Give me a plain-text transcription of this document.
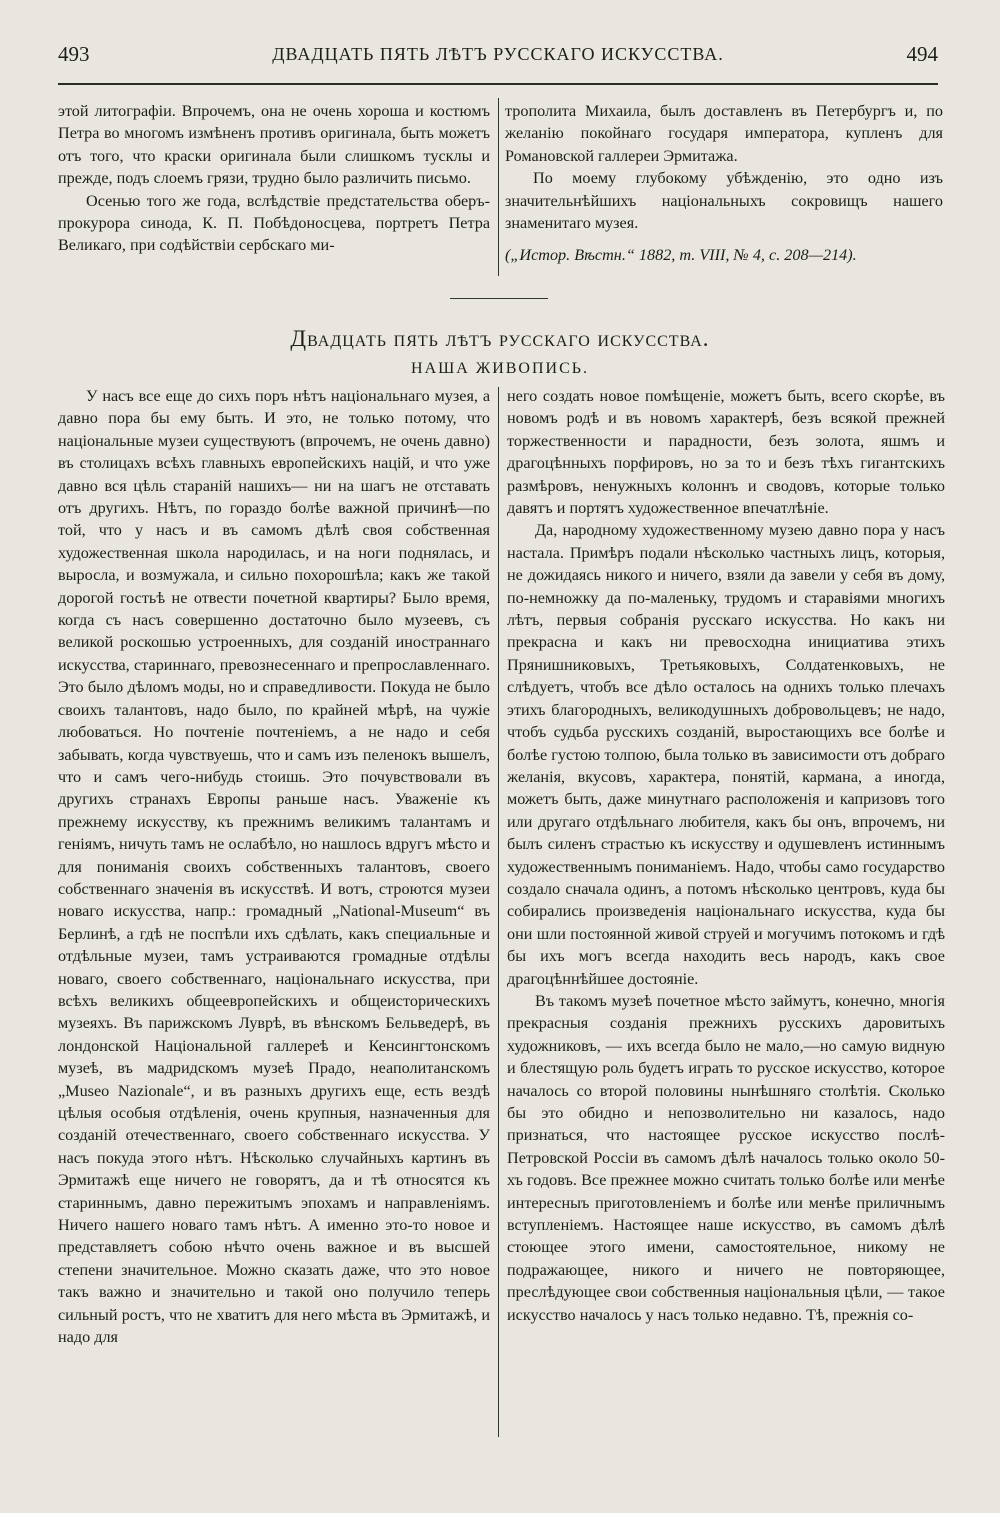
493	ДВАДЦАТЬ ПЯТЬ ЛѢТЪ РУССКАГО ИСКУССТВА.	494

этой литографіи. Впрочемъ, она не очень хороша и костюмъ Петра во многомъ измѣненъ противъ оригинала, быть можетъ отъ того, что краски оригинала были слишкомъ тусклы и прежде, подъ слоемъ грязи, трудно было различить письмо.

Осенью того же года, вслѣдствіе предстательства оберъ-прокурора синода, К. П. Побѣдоносцева, портретъ Петра Великаго, при содѣйствіи сербскаго ми-

трополита Михаила, былъ доставленъ въ Петербургъ и, по желанію покойнаго государя императора, купленъ для Романовской галлереи Эрмитажа.

По моему глубокому убѣжденію, это одно изъ значительнѣйшихъ національныхъ сокровищъ нашего знаменитаго музея.

(„Истор. Вѣстн.“ 1882, т. VIII, № 4, с. 208—214).

Двадцать пять лѣтъ русскаго искусства.
НАША ЖИВОПИСЬ.

У насъ все еще до сихъ поръ нѣтъ національнаго музея, а давно пора бы ему быть. И это, не только потому, что національные музеи существуютъ (впрочемъ, не очень давно) въ столицахъ всѣхъ главныхъ европейскихъ націй, и что уже давно вся цѣль стараній нашихъ— ни на шагъ не отставать отъ другихъ. Нѣтъ, по гораздо болѣе важной причинѣ—по той, что у насъ и въ самомъ дѣлѣ своя собственная художественная школа народилась, и на ноги поднялась, и выросла, и возмужала, и сильно похорошѣла; какъ же такой дорогой гостьѣ не отвести почетной квартиры? Было время, когда съ насъ совершенно достаточно было музеевъ, съ великой роскошью устроенныхъ, для созданій иностраннаго искусства, стариннаго, превознесеннаго и препрославленнаго. Это было дѣломъ моды, но и справедливости. Покуда не было своихъ талантовъ, надо было, по крайней мѣрѣ, на чужіе любоваться. Но почтеніе почтеніемъ, а не надо и себя забывать, когда чувствуешь, что и самъ изъ пеленокъ вышелъ, что и самъ чего-нибудь стоишь. Это почувствовали въ другихъ странахъ Европы раньше насъ. Уваженіе къ прежнему искусству, къ прежнимъ великимъ талантамъ и геніямъ, ничуть тамъ не ослабѣло, но нашлось вдругъ мѣсто и для пониманія своихъ собственныхъ талантовъ, своего собственнаго значенія въ искусствѣ. И вотъ, строются музеи новаго искусства, напр.: громадный „National-Museum“ въ Берлинѣ, а гдѣ не поспѣли ихъ сдѣлать, какъ специальные и отдѣльные музеи, тамъ устраиваются громадные отдѣлы новаго, своего собственнаго, національнаго искусства, при всѣхъ великихъ общеевропейскихъ и общеисторическихъ музеяхъ. Въ парижскомъ Луврѣ, въ вѣнскомъ Бельведерѣ, въ лондонской Національной галлереѣ и Кенсингтонскомъ музеѣ, въ мадридскомъ музеѣ Прадо, неаполитанскомъ „Museo Nazionale“, и въ разныхъ другихъ еще, есть вездѣ цѣлыя особыя отдѣленія, очень крупныя, назначенныя для созданій отечественнаго, своего собственнаго искусства. У насъ покуда этого нѣтъ. Нѣсколько случайныхъ картинъ въ Эрмитажѣ еще ничего не говорятъ, да и тѣ относятся къ стариннымъ, давно пережитымъ эпохамъ и направленіямъ. Ничего нашего новаго тамъ нѣтъ. А именно это-то новое и представляетъ собою нѣчто очень важное и въ высшей степени значительное. Можно сказать даже, что это новое такъ важно и значительно и такой оно получило теперь сильный ростъ, что не хватитъ для него мѣста въ Эрмитажѣ, и надо для

него создать новое помѣщеніе, можетъ быть, всего скорѣе, въ новомъ родѣ и въ новомъ характерѣ, безъ всякой прежней торжественности и парадности, безъ золота, яшмъ и драгоцѣнныхъ порфировъ, но за то и безъ тѣхъ гигантскихъ размѣровъ, ненужныхъ колоннъ и сводовъ, которые только давятъ и портятъ художественное впечатлѣніе.

Да, народному художественному музею давно пора у насъ настала. Примѣръ подали нѣсколько частныхъ лицъ, которыя, не дожидаясь никого и ничего, взяли да завели у себя въ дому, по-немножку да по-маленьку, трудомъ и старавіями многихъ лѣтъ, первыя собранія русскаго искусства. Но какъ ни прекрасна и какъ ни превосходна инициатива этихъ Прянишниковыхъ, Третьяковыхъ, Солдатенковыхъ, не слѣдуетъ, чтобъ все дѣло осталось на однихъ только плечахъ этихъ благородныхъ, великодушныхъ добровольцевъ; не надо, чтобъ судьба русскихъ созданій, выростающихъ все болѣе и болѣе густою толпою, была только въ зависимости отъ добраго желанія, вкусовъ, характера, понятій, кармана, а иногда, можетъ быть, даже минутнаго расположенія и капризовъ того или другаго отдѣльнаго любителя, какъ бы онъ, впрочемъ, ни былъ силенъ страстью къ искусству и одушевленъ истиннымъ художественнымъ пониманіемъ. Надо, чтобы само государство создало сначала одинъ, а потомъ нѣсколько центровъ, куда бы собирались произведенія національнаго искусства, куда бы они шли постоянной живой струей и могучимъ потокомъ и гдѣ бы ихъ могъ всегда находить весь народъ, какъ свое драгоцѣннѣйшее достояніе.

Въ такомъ музеѣ почетное мѣсто займутъ, конечно, многія прекрасныя созданія прежнихъ русскихъ даровитыхъ художниковъ, — ихъ всегда было не мало,—но самую видную и блестящую роль будетъ играть то русское искусство, которое началось со второй половины нынѣшняго столѣтія. Сколько бы это обидно и непозволительно ни казалось, надо признаться, что настоящее русское искусство послѣ-Петровской Россіи въ самомъ дѣлѣ началось только около 50-хъ годовъ. Все прежнее можно считать только болѣе или менѣе интересныъ приготовленіемъ и болѣе или менѣе приличнымъ вступленіемъ. Настоящее наше искусство, въ самомъ дѣлѣ стоющее этого имени, самостоятельное, никому не подражающее, никого и ничего не повторяющее, преслѣдующее свои собственныя національныя цѣли, — такое искусство началось у насъ только недавно. Тѣ, прежнія со-
